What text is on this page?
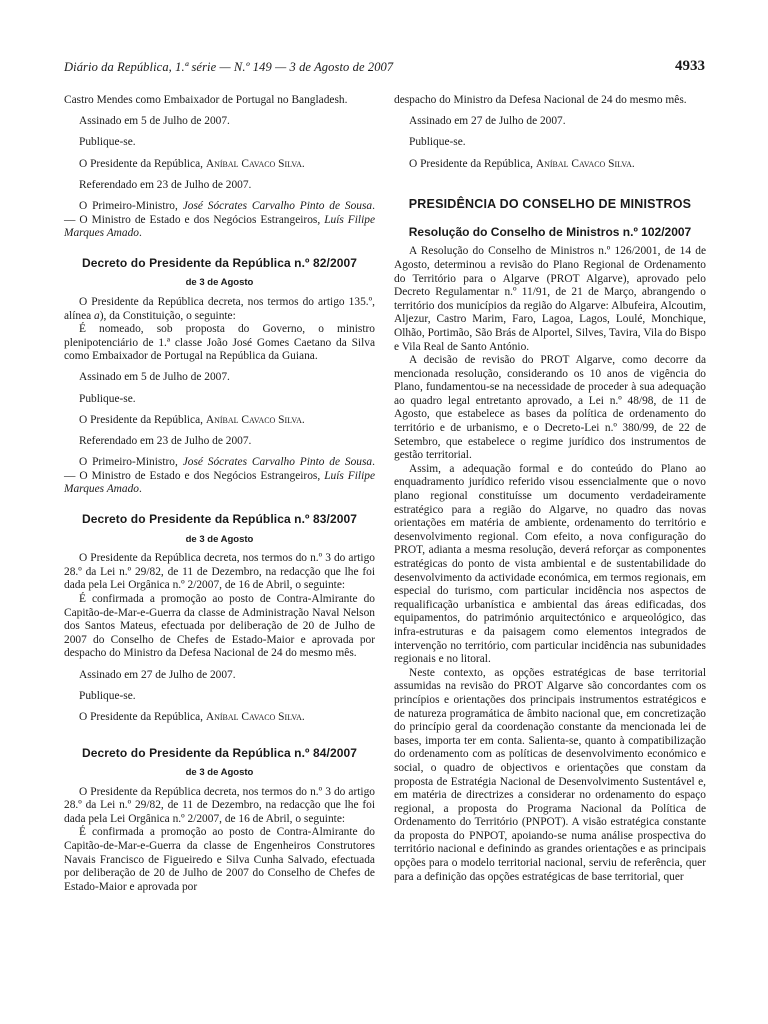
Diário da República, 1.ª série — N.º 149 — 3 de Agosto de 2007	4933

Castro Mendes como Embaixador de Portugal no Bangladesh.

Assinado em 5 de Julho de 2007.

Publique-se.

O Presidente da República, Aníbal Cavaco Silva.

Referendado em 23 de Julho de 2007.

O Primeiro-Ministro, José Sócrates Carvalho Pinto de Sousa. — O Ministro de Estado e dos Negócios Estrangeiros, Luís Filipe Marques Amado.

Decreto do Presidente da República n.º 82/2007

de 3 de Agosto

O Presidente da República decreta, nos termos do artigo 135.º, alínea a), da Constituição, o seguinte:

É nomeado, sob proposta do Governo, o ministro plenipotenciário de 1.ª classe João José Gomes Caetano da Silva como Embaixador de Portugal na República da Guiana.

Assinado em 5 de Julho de 2007.

Publique-se.

O Presidente da República, Aníbal Cavaco Silva.

Referendado em 23 de Julho de 2007.

O Primeiro-Ministro, José Sócrates Carvalho Pinto de Sousa. — O Ministro de Estado e dos Negócios Estrangeiros, Luís Filipe Marques Amado.

Decreto do Presidente da República n.º 83/2007

de 3 de Agosto

O Presidente da República decreta, nos termos do n.º 3 do artigo 28.º da Lei n.º 29/82, de 11 de Dezembro, na redacção que lhe foi dada pela Lei Orgânica n.º 2/2007, de 16 de Abril, o seguinte:

É confirmada a promoção ao posto de Contra-Almirante do Capitão-de-Mar-e-Guerra da classe de Administração Naval Nelson dos Santos Mateus, efectuada por deliberação de 20 de Julho de 2007 do Conselho de Chefes de Estado-Maior e aprovada por despacho do Ministro da Defesa Nacional de 24 do mesmo mês.

Assinado em 27 de Julho de 2007.

Publique-se.

O Presidente da República, Aníbal Cavaco Silva.

Decreto do Presidente da República n.º 84/2007

de 3 de Agosto

O Presidente da República decreta, nos termos do n.º 3 do artigo 28.º da Lei n.º 29/82, de 11 de Dezembro, na redacção que lhe foi dada pela Lei Orgânica n.º 2/2007, de 16 de Abril, o seguinte:

É confirmada a promoção ao posto de Contra-Almirante do Capitão-de-Mar-e-Guerra da classe de Engenheiros Construtores Navais Francisco de Figueiredo e Silva Cunha Salvado, efectuada por deliberação de 20 de Julho de 2007 do Conselho de Chefes de Estado-Maior e aprovada por

despacho do Ministro da Defesa Nacional de 24 do mesmo mês.

Assinado em 27 de Julho de 2007.

Publique-se.

O Presidente da República, Aníbal Cavaco Silva.

PRESIDÊNCIA DO CONSELHO DE MINISTROS

Resolução do Conselho de Ministros n.º 102/2007

A Resolução do Conselho de Ministros n.º 126/2001, de 14 de Agosto, determinou a revisão do Plano Regional de Ordenamento do Território para o Algarve (PROT Algarve), aprovado pelo Decreto Regulamentar n.º 11/91, de 21 de Março, abrangendo o território dos municípios da região do Algarve: Albufeira, Alcoutim, Aljezur, Castro Marim, Faro, Lagoa, Lagos, Loulé, Monchique, Olhão, Portimão, São Brás de Alportel, Silves, Tavira, Vila do Bispo e Vila Real de Santo António.

A decisão de revisão do PROT Algarve, como decorre da mencionada resolução, considerando os 10 anos de vigência do Plano, fundamentou-se na necessidade de proceder à sua adequação ao quadro legal entretanto aprovado, a Lei n.º 48/98, de 11 de Agosto, que estabelece as bases da política de ordenamento do território e de urbanismo, e o Decreto-Lei n.º 380/99, de 22 de Setembro, que estabelece o regime jurídico dos instrumentos de gestão territorial.

Assim, a adequação formal e do conteúdo do Plano ao enquadramento jurídico referido visou essencialmente que o novo plano regional constituísse um documento verdadeiramente estratégico para a região do Algarve, no quadro das novas orientações em matéria de ambiente, ordenamento do território e desenvolvimento regional. Com efeito, a nova configuração do PROT, adianta a mesma resolução, deverá reforçar as componentes estratégicas do ponto de vista ambiental e de sustentabilidade do desenvolvimento da actividade económica, em termos regionais, em especial do turismo, com particular incidência nos aspectos de requalificação urbanística e ambiental das áreas edificadas, dos equipamentos, do património arquitectónico e arqueológico, das infra-estruturas e da paisagem como elementos integrados de intervenção no território, com particular incidência nas subunidades regionais e no litoral.

Neste contexto, as opções estratégicas de base territorial assumidas na revisão do PROT Algarve são concordantes com os princípios e orientações dos principais instrumentos estratégicos e de natureza programática de âmbito nacional que, em concretização do princípio geral da coordenação constante da mencionada lei de bases, importa ter em conta. Salienta-se, quanto à compatibilização do ordenamento com as políticas de desenvolvimento económico e social, o quadro de objectivos e orientações que constam da proposta de Estratégia Nacional de Desenvolvimento Sustentável e, em matéria de directrizes a considerar no ordenamento do espaço regional, a proposta do Programa Nacional da Política de Ordenamento do Território (PNPOT). A visão estratégica constante da proposta do PNPOT, apoiando-se numa análise prospectiva do território nacional e definindo as grandes orientações e as principais opções para o modelo territorial nacional, serviu de referência, quer para a definição das opções estratégicas de base territorial, quer
